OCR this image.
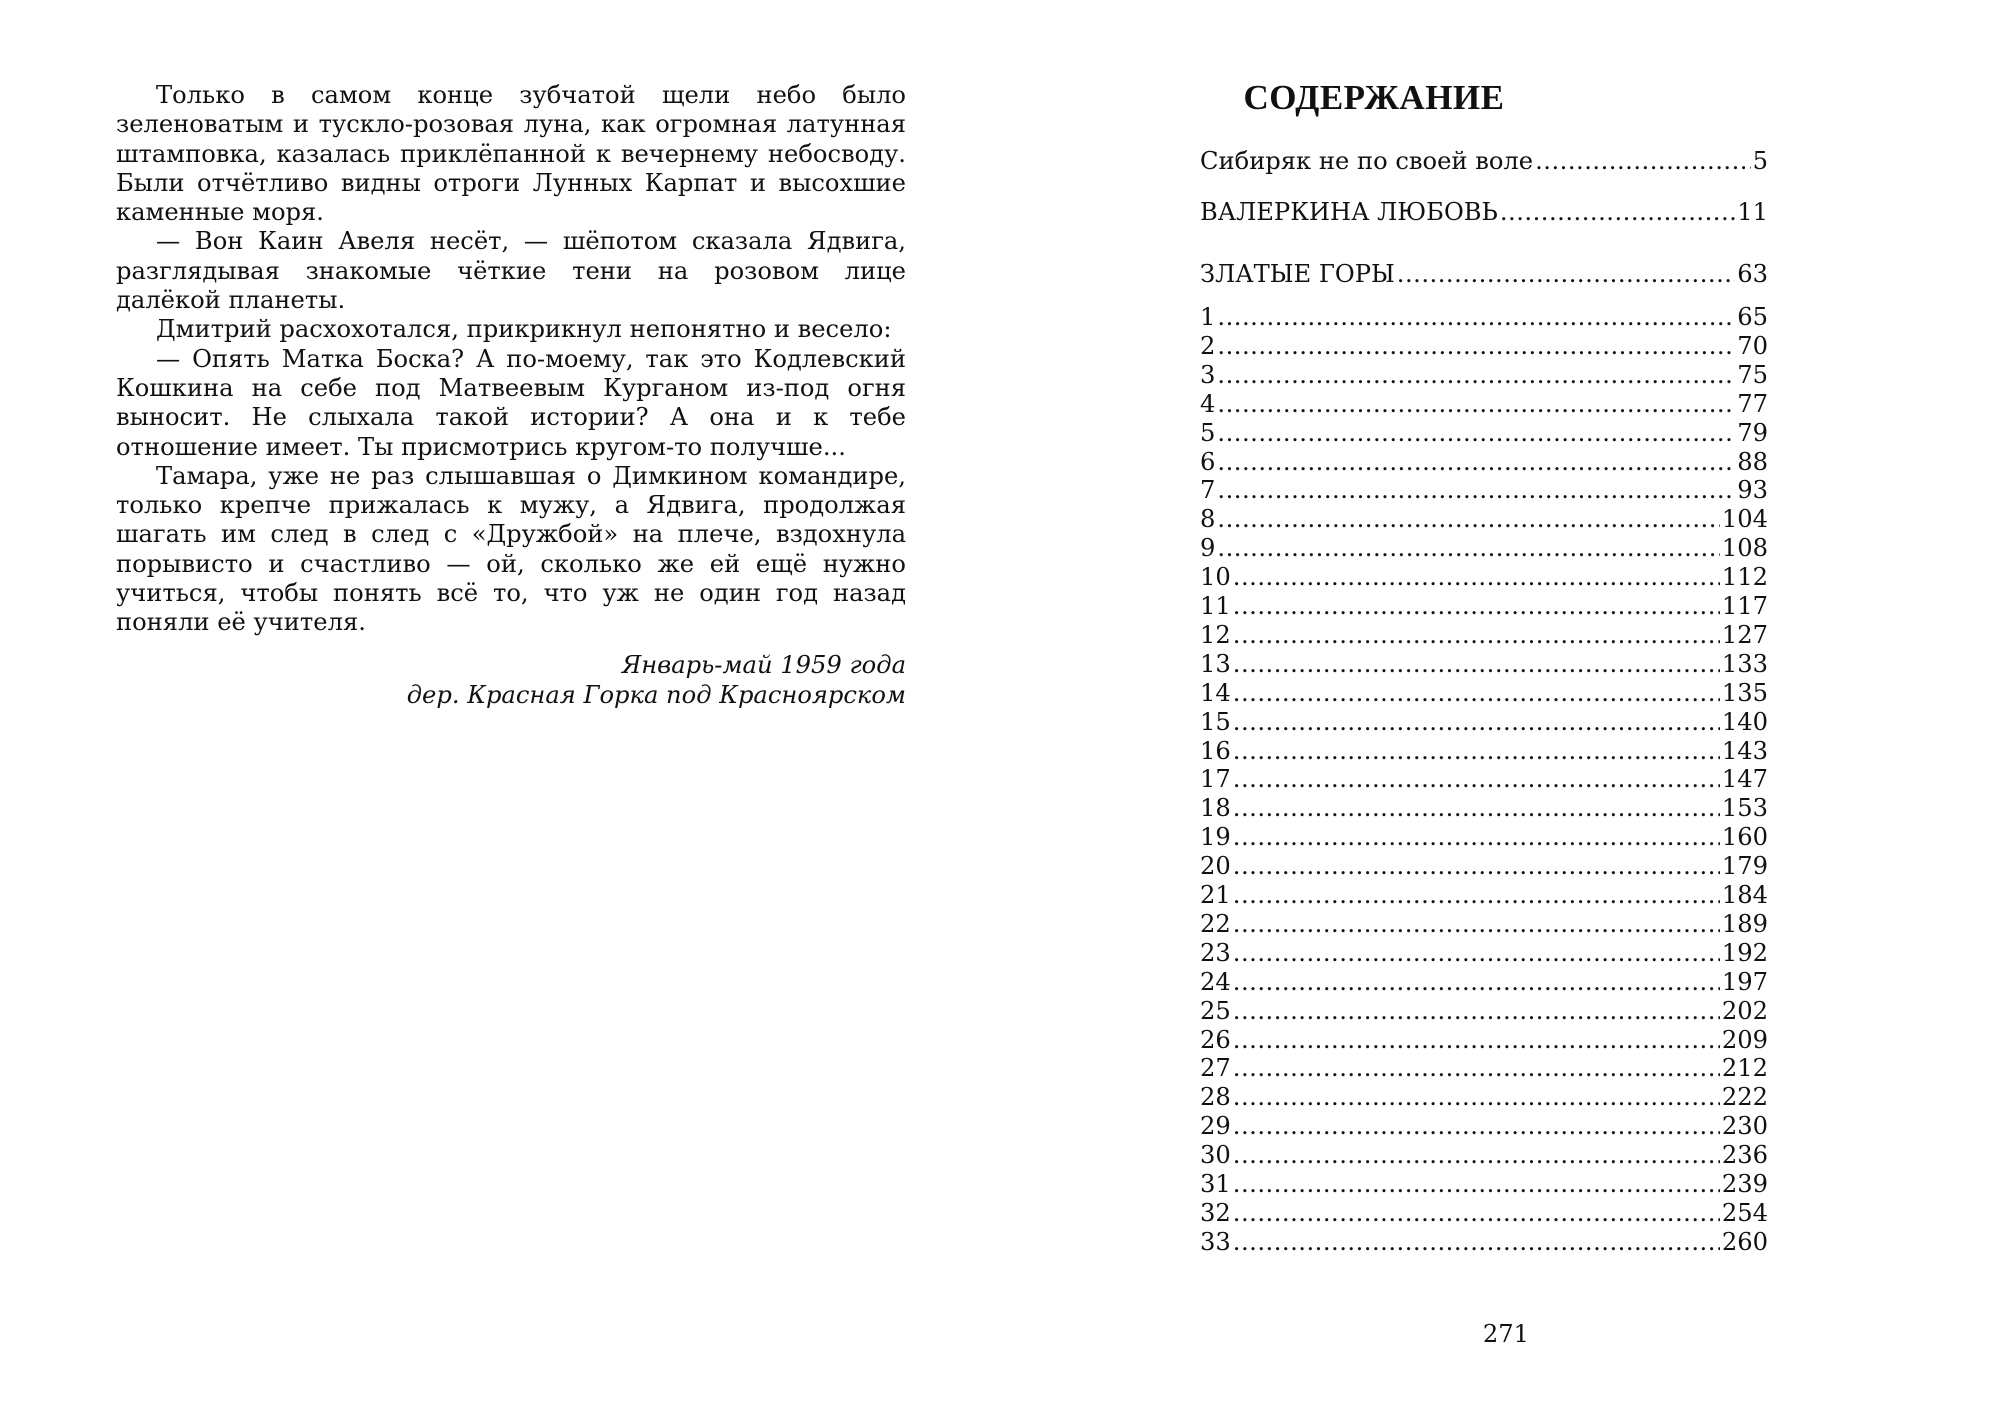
Только в самом конце зубчатой щели небо было зеленоватым и тускло-розовая луна, как огромная латунная штамповка, казалась приклёпанной к вечернему небосводу. Были отчётливо видны отроги Лунных Карпат и высохшие каменные моря.

— Вон Каин Авеля несёт, — шёпотом сказала Ядвига, разглядывая знакомые чёткие тени на розовом лице далёкой планеты.

Дмитрий расхохотался, прикрикнул непонятно и весело:

— Опять Матка Боска? А по-моему, так это Кодлевский Кошкина на себе под Матвеевым Курганом из-под огня выносит. Не слыхала такой истории? А она и к тебе отношение имеет. Ты присмотрись кругом-то получше...

Тамара, уже не раз слышавшая о Димкином командире, только крепче прижалась к мужу, а Ядвига, продолжая шагать им след в след с «Дружбой» на плече, вздохнула порывисто и счастливо — ой, сколько же ей ещё нужно учиться, чтобы понять всё то, что уж не один год назад поняли её учителя.

Январь-май 1959 года
дер. Красная Горка под Красноярском
СОДЕРЖАНИЕ
Сибиряк не по своей воле .....	5
ВАЛЕРКИНА ЛЮБОВЬ .....	11
ЗЛАТЫЕ ГОРЫ .....	63
1 .....	65
2 .....	70
3 .....	75
4 .....	77
5 .....	79
6 .....	88
7 .....	93
8 .....	104
9 .....	108
10 .....	112
11 .....	117
12 .....	127
13 .....	133
14 .....	135
15 .....	140
16 .....	143
17 .....	147
18 .....	153
19 .....	160
20 .....	179
21 .....	184
22 .....	189
23 .....	192
24 .....	197
25 .....	202
26 .....	209
27 .....	212
28 .....	222
29 .....	230
30 .....	236
31 .....	239
32 .....	254
33 .....	260
271
